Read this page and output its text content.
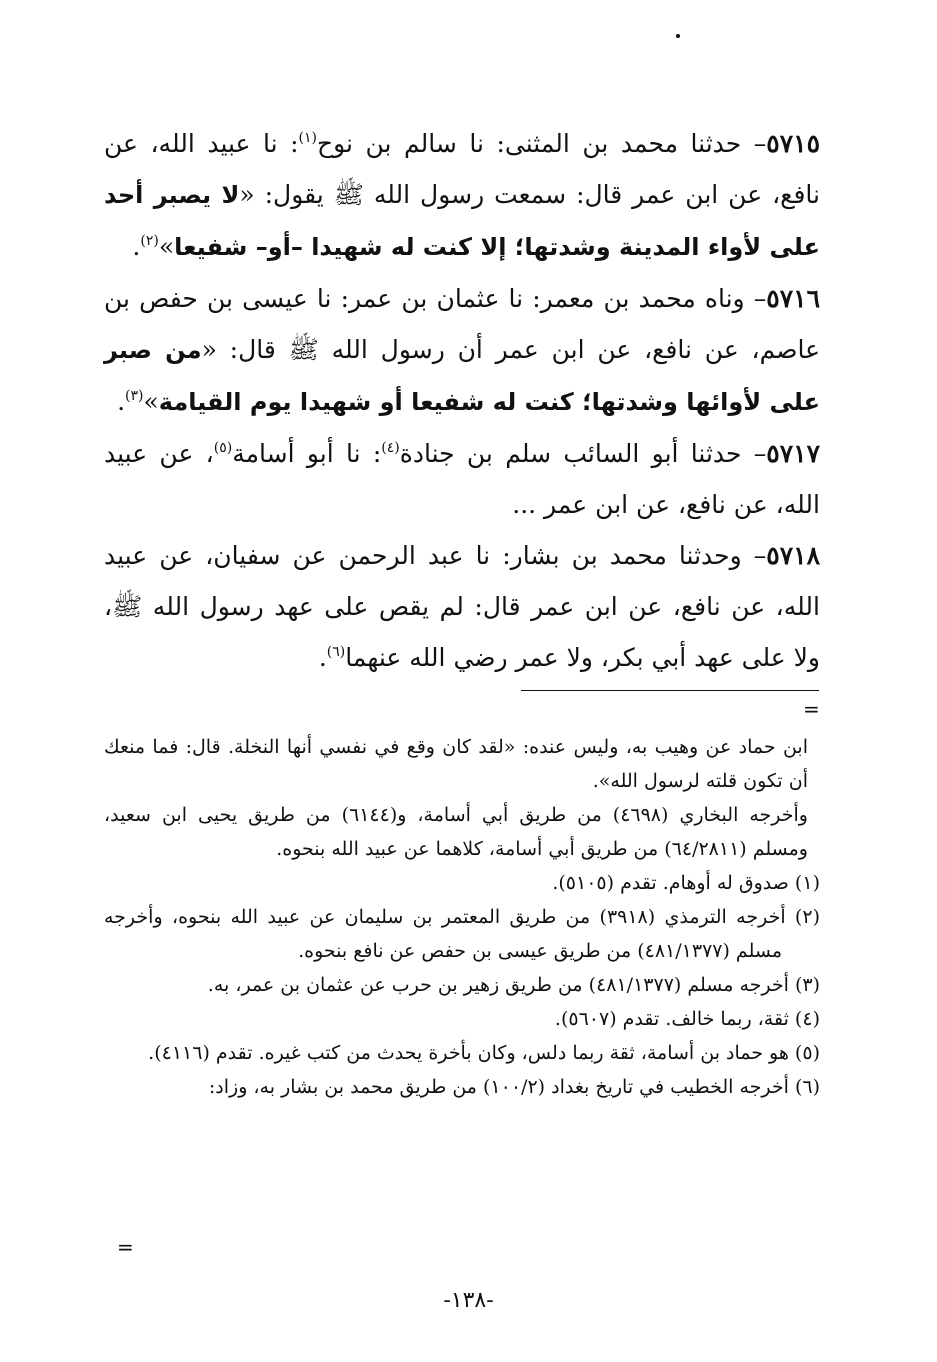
٥٧١٥– حدثنا محمد بن المثنى: نا سالم بن نوح$^{(١)}$: نا عبيد الله، عن نافع، عن ابن عمر قال: سمعت رسول الله ﷺ يقول: «لا يصبر أحد على لأواء المدينة وشدتها؛ إلا كنت له شهيدا –أو– شفيعا»$^{(٢)}$.

٥٧١٦– وناه محمد بن معمر: نا عثمان بن عمر: نا عيسى بن حفص بن عاصم، عن نافع، عن ابن عمر أن رسول الله ﷺ قال: «من صبر على لأوائها وشدتها؛ كنت له شفيعا أو شهيدا يوم القيامة»$^{(٣)}$.

٥٧١٧– حدثنا أبو السائب سلم بن جنادة$^{(٤)}$: نا أبو أسامة$^{(٥)}$، عن عبيد الله، عن نافع، عن ابن عمر ...

٥٧١٨– وحدثنا محمد بن بشار: نا عبد الرحمن عن سفيان، عن عبيد الله، عن نافع، عن ابن عمر قال: لم يقص على عهد رسول الله ﷺ، ولا على عهد أبي بكر، ولا عمر رضي الله عنهما$^{(٦)}$.

=

ابن حماد عن وهيب به، وليس عنده: «لقد كان وقع في نفسي أنها النخلة. قال: فما منعك أن تكون قلته لرسول الله».

وأخرجه البخاري (٤٦٩٨) من طريق أبي أسامة، و(٦١٤٤) من طريق يحيى ابن سعيد، ومسلم (٦٤/٢٨١١) من طريق أبي أسامة، كلاهما عن عبيد الله بنحوه.

(١) صدوق له أوهام. تقدم (٥١٠٥).

(٢) أخرجه الترمذي (٣٩١٨) من طريق المعتمر بن سليمان عن عبيد الله بنحوه، وأخرجه مسلم (٤٨١/١٣٧٧) من طريق عيسى بن حفص عن نافع بنحوه.

(٣) أخرجه مسلم (٤٨١/١٣٧٧) من طريق زهير بن حرب عن عثمان بن عمر، به.

(٤) ثقة، ربما خالف. تقدم (٥٦٠٧).

(٥) هو حماد بن أسامة، ثقة ربما دلس، وكان بأخرة يحدث من كتب غيره. تقدم (٤١١٦).

(٦) أخرجه الخطيب في تاريخ بغداد (١٠٠/٢) من طريق محمد بن بشار به، وزاد:

=
-١٣٨-
